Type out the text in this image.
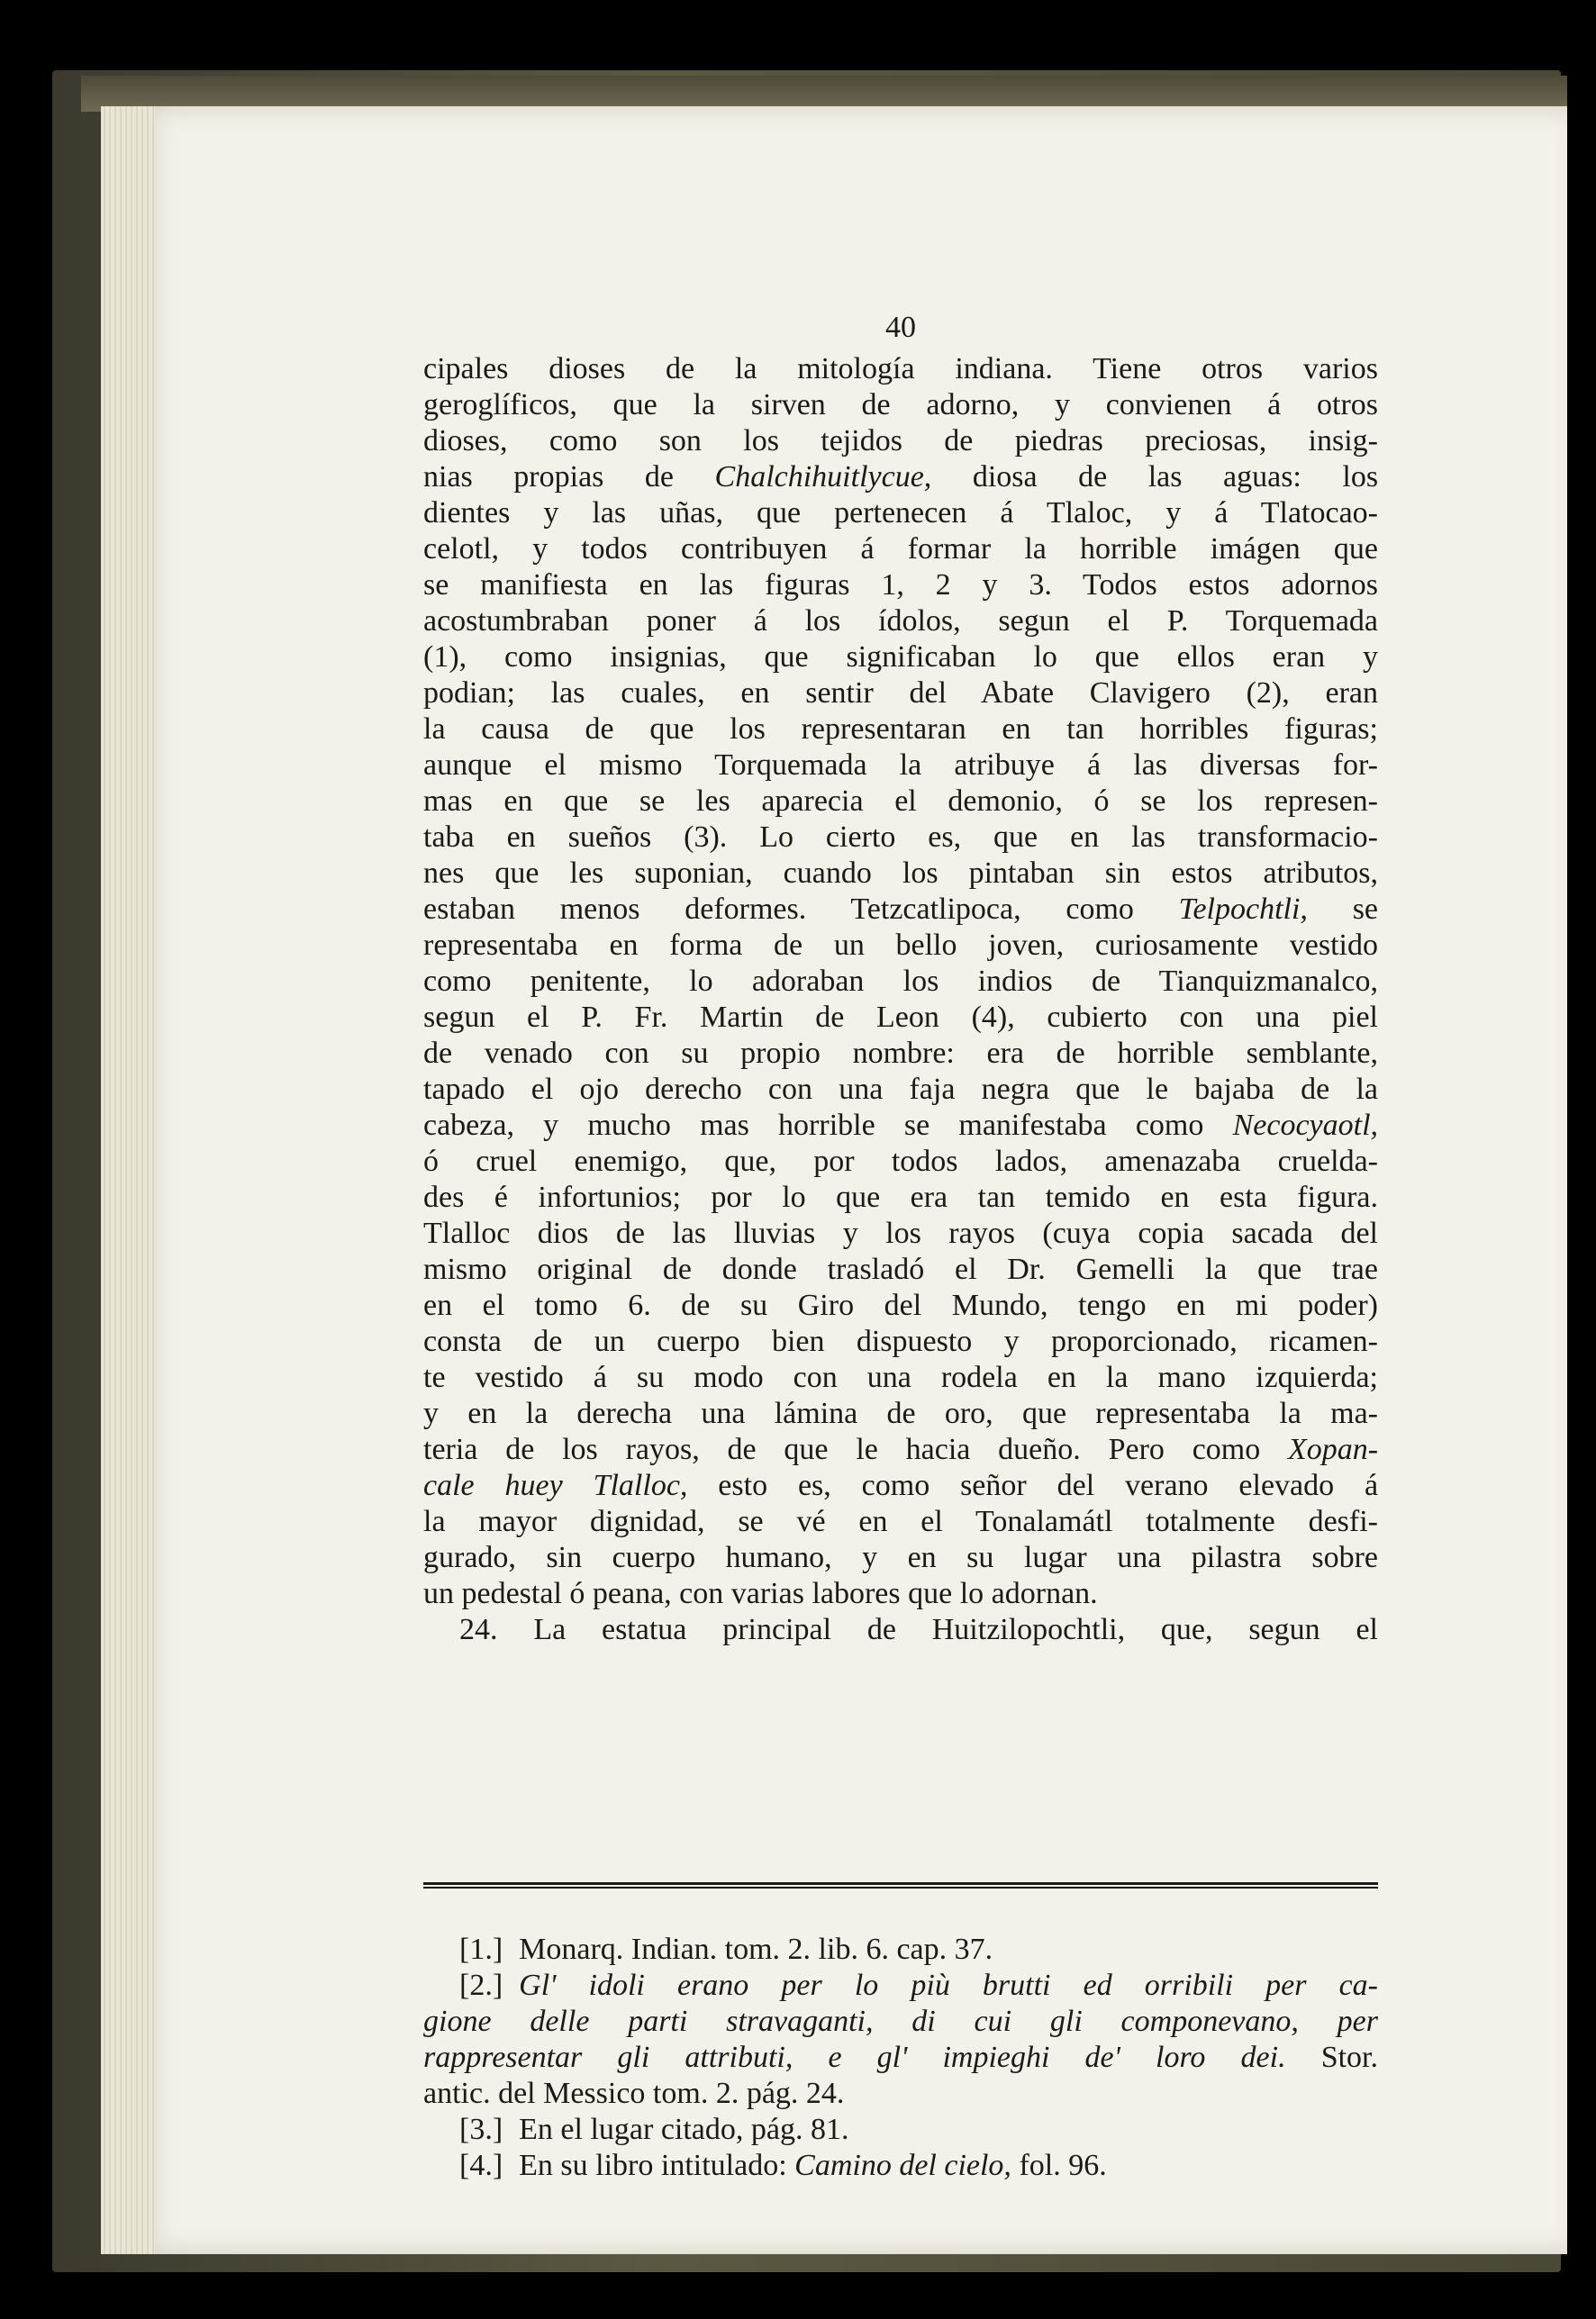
40
cipales dioses de la mitología indiana. Tiene otros varios
geroglíficos, que la sirven de adorno, y convienen á otros
dioses, como son los tejidos de piedras preciosas, insig-
nias propias de Chalchihuitlycue, diosa de las aguas: los
dientes y las uñas, que pertenecen á Tlaloc, y á Tlatocao-
celotl, y todos contribuyen á formar la horrible imágen que
se manifiesta en las figuras 1, 2 y 3. Todos estos adornos
acostumbraban poner á los ídolos, segun el P. Torquemada
(1), como insignias, que significaban lo que ellos eran y
podian; las cuales, en sentir del Abate Clavigero (2), eran
la causa de que los representaran en tan horribles figuras;
aunque el mismo Torquemada la atribuye á las diversas for-
mas en que se les aparecia el demonio, ó se los represen-
taba en sueños (3). Lo cierto es, que en las transformacio-
nes que les suponian, cuando los pintaban sin estos atributos,
estaban menos deformes. Tetzcatlipoca, como Telpochtli, se
representaba en forma de un bello joven, curiosamente vestido
como penitente, lo adoraban los indios de Tianquizmanalco,
segun el P. Fr. Martin de Leon (4), cubierto con una piel
de venado con su propio nombre: era de horrible semblante,
tapado el ojo derecho con una faja negra que le bajaba de la
cabeza, y mucho mas horrible se manifestaba como Necocyaotl,
ó cruel enemigo, que, por todos lados, amenazaba cruelda-
des é infortunios; por lo que era tan temido en esta figura.
Tlalloc dios de las lluvias y los rayos (cuya copia sacada del
mismo original de donde trasladó el Dr. Gemelli la que trae
en el tomo 6. de su Giro del Mundo, tengo en mi poder)
consta de un cuerpo bien dispuesto y proporcionado, ricamen-
te vestido á su modo con una rodela en la mano izquierda;
y en la derecha una lámina de oro, que representaba la ma-
teria de los rayos, de que le hacia dueño. Pero como Xopan-
cale huey Tlalloc, esto es, como señor del verano elevado á
la mayor dignidad, se vé en el Tonalamátl totalmente desfi-
gurado, sin cuerpo humano, y en su lugar una pilastra sobre
un pedestal ó peana, con varias labores que lo adornan.
24. La estatua principal de Huitzilopochtli, que, segun el
[1.] Monarq. Indian. tom. 2. lib. 6. cap. 37.
[2.] Gl' idoli erano per lo più brutti ed orribili per ca-
gione delle parti stravaganti, di cui gli componevano, per
rappresentar gli attributi, e gl' impieghi de' loro dei. Stor.
antic. del Messico tom. 2. pág. 24.
[3.] En el lugar citado, pág. 81.
[4.] En su libro intitulado: Camino del cielo, fol. 96.
